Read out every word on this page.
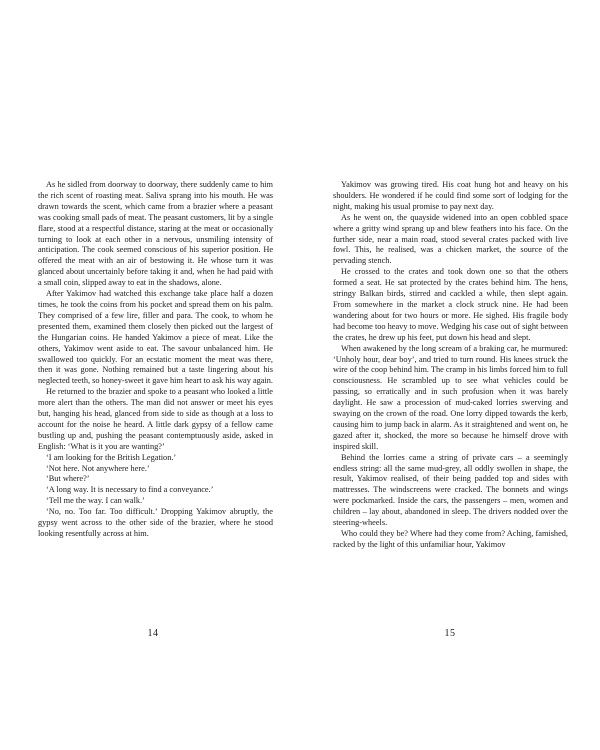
As he sidled from doorway to doorway, there suddenly came to him the rich scent of roasting meat. Saliva sprang into his mouth. He was drawn towards the scent, which came from a brazier where a peasant was cooking small pads of meat. The peasant customers, lit by a single flare, stood at a respectful distance, staring at the meat or occasionally turning to look at each other in a nervous, unsmiling intensity of anticipation. The cook seemed conscious of his superior position. He offered the meat with an air of bestowing it. He whose turn it was glanced about uncertainly before taking it and, when he had paid with a small coin, slipped away to eat in the shadows, alone.

After Yakimov had watched this exchange take place half a dozen times, he took the coins from his pocket and spread them on his palm. They comprised of a few lire, filler and para. The cook, to whom he presented them, examined them closely then picked out the largest of the Hungarian coins. He handed Yakimov a piece of meat. Like the others, Yakimov went aside to eat. The savour unbalanced him. He swallowed too quickly. For an ecstatic moment the meat was there, then it was gone. Nothing remained but a taste lingering about his neglected teeth, so honey-sweet it gave him heart to ask his way again.

He returned to the brazier and spoke to a peasant who looked a little more alert than the others. The man did not answer or meet his eyes but, hanging his head, glanced from side to side as though at a loss to account for the noise he heard. A little dark gypsy of a fellow came bustling up and, pushing the peasant contemptuously aside, asked in English: ‘What is it you are wanting?’

‘I am looking for the British Legation.’

‘Not here. Not anywhere here.’

‘But where?’

‘A long way. It is necessary to find a conveyance.’

‘Tell me the way. I can walk.’

‘No, no. Too far. Too difficult.’ Dropping Yakimov abruptly, the gypsy went across to the other side of the brazier, where he stood looking resentfully across at him.

14

Yakimov was growing tired. His coat hung hot and heavy on his shoulders. He wondered if he could find some sort of lodging for the night, making his usual promise to pay next day.

As he went on, the quayside widened into an open cobbled space where a gritty wind sprang up and blew feathers into his face. On the further side, near a main road, stood several crates packed with live fowl. This, he realised, was a chicken market, the source of the pervading stench.

He crossed to the crates and took down one so that the others formed a seat. He sat protected by the crates behind him. The hens, stringy Balkan birds, stirred and cackled a while, then slept again. From somewhere in the market a clock struck nine. He had been wandering about for two hours or more. He sighed. His fragile body had become too heavy to move. Wedging his case out of sight between the crates, he drew up his feet, put down his head and slept.

When awakened by the long scream of a braking car, he murmured: ‘Unholy hour, dear boy’, and tried to turn round. His knees struck the wire of the coop behind him. The cramp in his limbs forced him to full consciousness. He scrambled up to see what vehicles could be passing, so erratically and in such profusion when it was barely daylight. He saw a procession of mud-caked lorries swerving and swaying on the crown of the road. One lorry dipped towards the kerb, causing him to jump back in alarm. As it straightened and went on, he gazed after it, shocked, the more so because he himself drove with inspired skill.

Behind the lorries came a string of private cars – a seemingly endless string: all the same mud-grey, all oddly swollen in shape, the result, Yakimov realised, of their being padded top and sides with mattresses. The windscreens were cracked. The bonnets and wings were pockmarked. Inside the cars, the passengers – men, women and children – lay about, abandoned in sleep. The drivers nodded over the steering-wheels.

Who could they be? Where had they come from? Aching, famished, racked by the light of this unfamiliar hour, Yakimov

15
